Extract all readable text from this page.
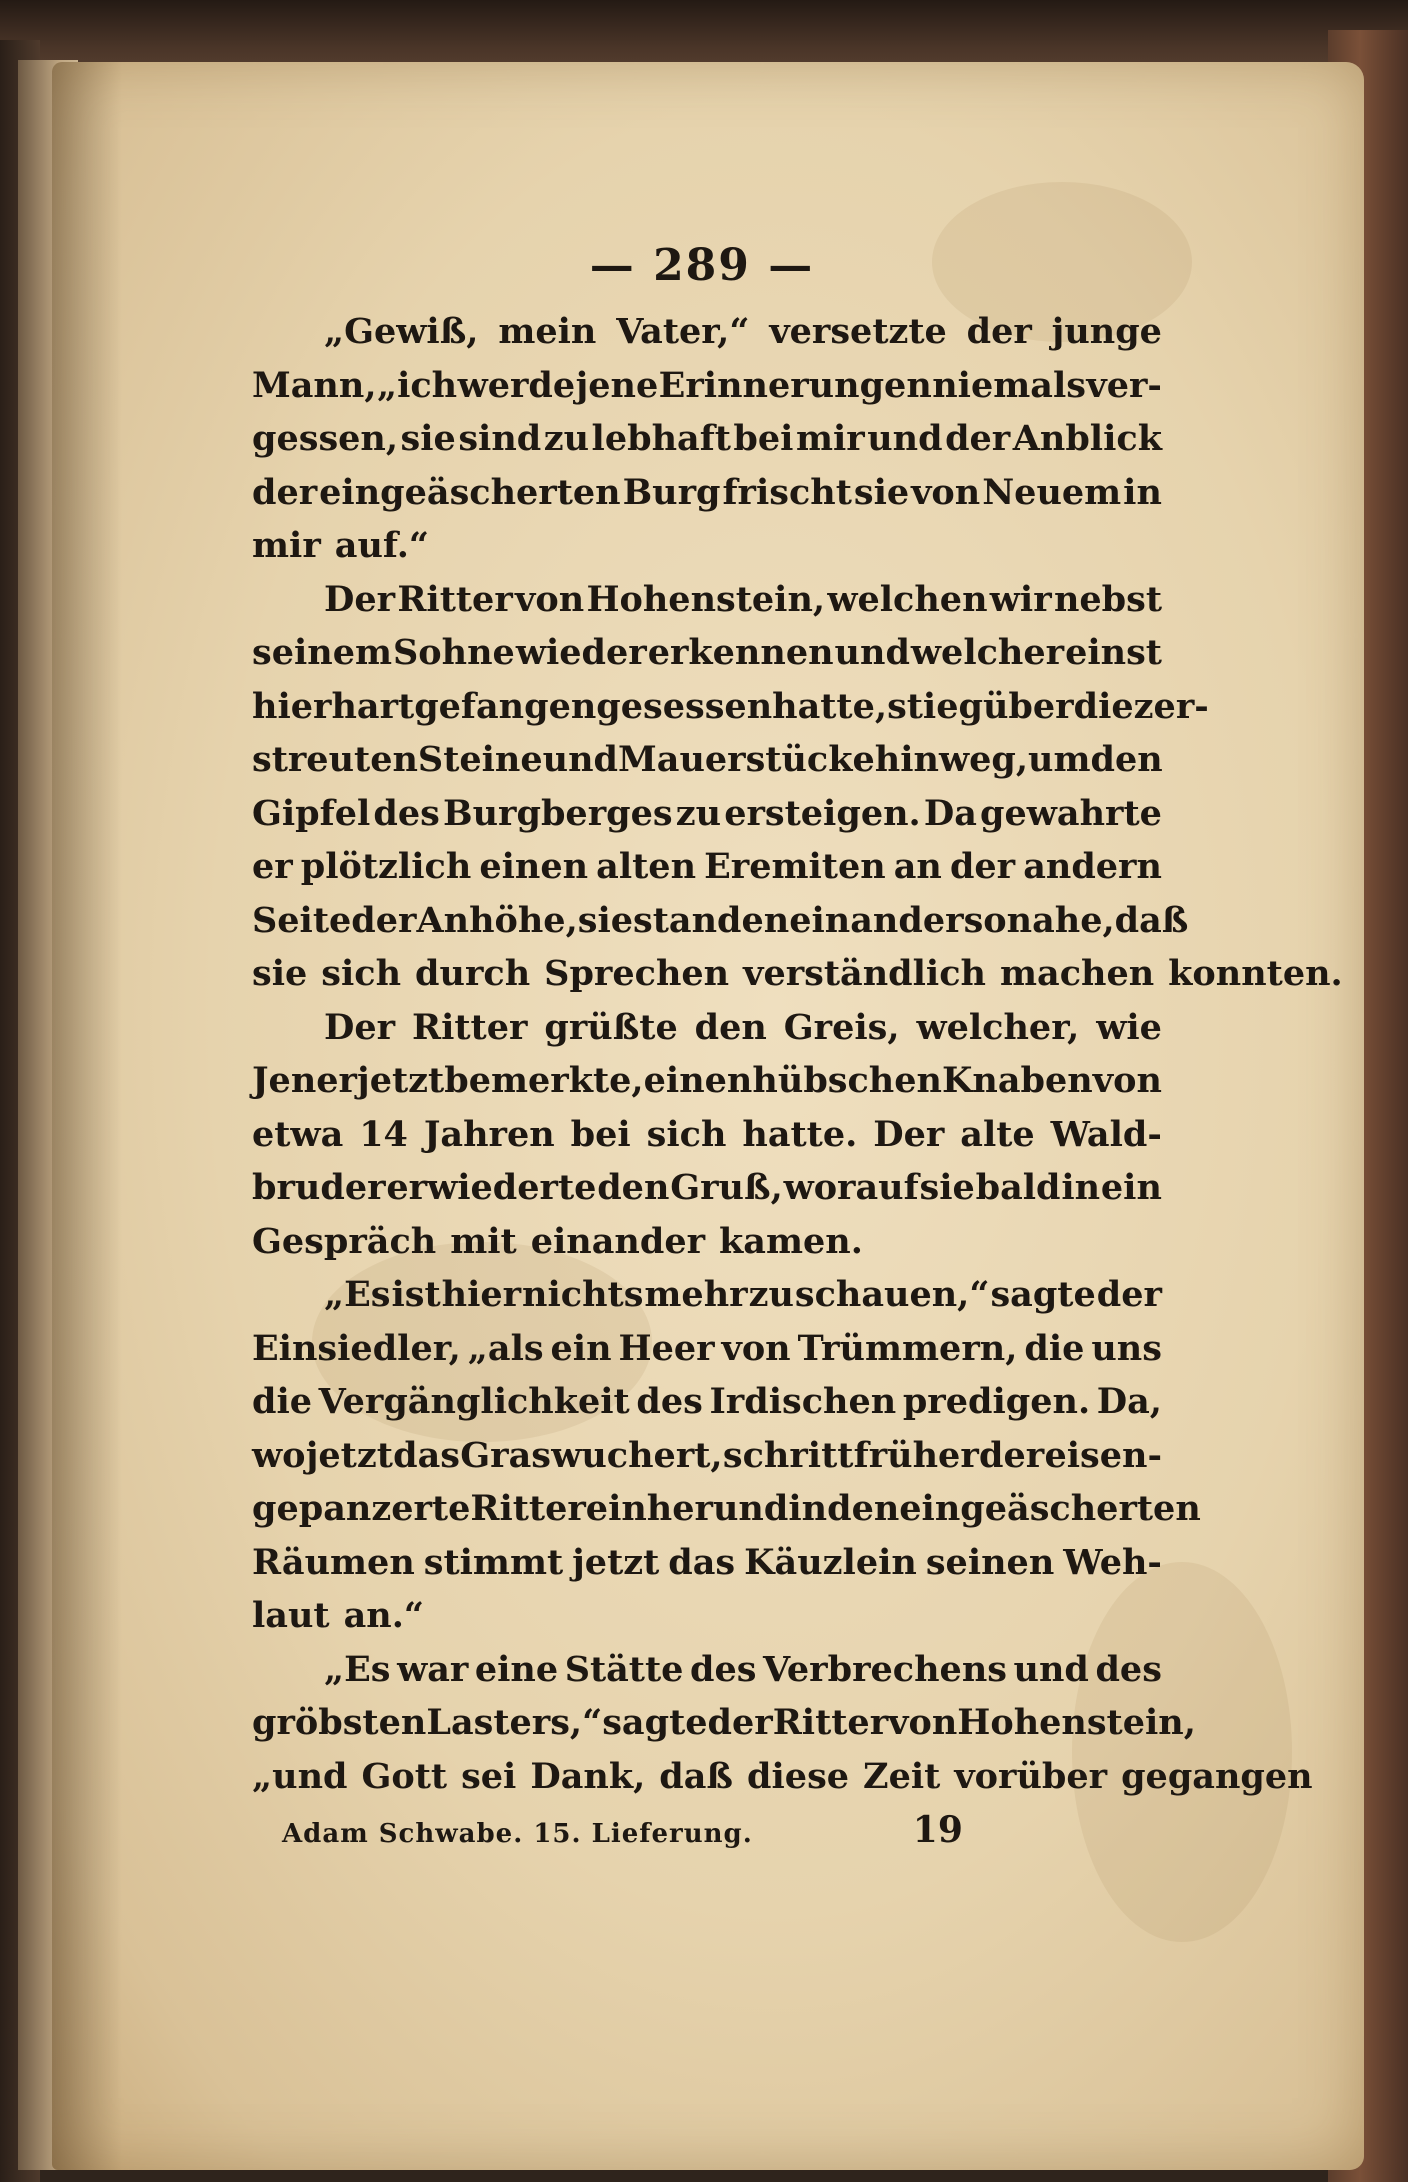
— 289 —
„Gewiß, mein Vater,“ versetzte der junge
Mann, „ich werde jene Erinnerungen niemals ver-
gessen, sie sind zu lebhaft bei mir und der Anblick
der eingeäscherten Burg frischt sie von Neuem in
mir auf.“
Der Ritter von Hohenstein, welchen wir nebst
seinem Sohne wieder erkennen und welcher einst
hier hart gefangen gesessen hatte, stieg über die zer-
streuten Steine und Mauerstücke hinweg, um den
Gipfel des Burgberges zu ersteigen. Da gewahrte
er plötzlich einen alten Eremiten an der andern
Seite der Anhöhe, sie standen einander so nahe, daß
sie sich durch Sprechen verständlich machen konnten.
Der Ritter grüßte den Greis, welcher, wie
Jener jetzt bemerkte, einen hübschen Knaben von
etwa 14 Jahren bei sich hatte. Der alte Wald-
bruder erwiederte den Gruß, worauf sie bald in ein
Gespräch mit einander kamen.
„Es ist hier nichts mehr zu schauen,“ sagte der
Einsiedler, „als ein Heer von Trümmern, die uns
die Vergänglichkeit des Irdischen predigen. Da,
wo jetzt das Gras wuchert, schritt früher der eisen-
gepanzerte Ritter einher und in den eingeäscherten
Räumen stimmt jetzt das Käuzlein seinen Weh-
laut an.“
„Es war eine Stätte des Verbrechens und des
gröbsten Lasters,“ sagte der Ritter von Hohenstein,
„und Gott sei Dank, daß diese Zeit vorüber gegangen
Adam Schwabe. 15. Lieferung.	19
